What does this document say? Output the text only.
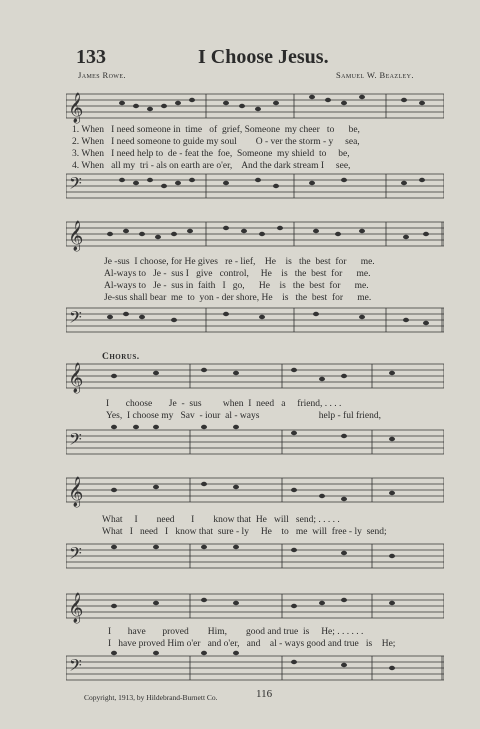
133	I Choose Jesus.
James Rowe.	Samuel W. Beazley.
𝄞
1. When   I need someone in  time   of  grief, Someone  my cheer   to      be,
2. When   I need someone to guide my soul        O - ver the storm - y     sea,
3. When   I need help to  de - feat the  foe,  Someone  my shield  to     be,
4. When   all my  tri - als on earth are o'er,    And the dark stream I     see,
𝄢
𝄞
Je -sus  I choose, for He gives   re - lief,    He    is   the  best  for      me.
Al-ways to   Je -  sus I   give   control,     He    is   the  best  for      me.
Al-ways to   Je -  sus in  faith   I   go,      He    is   the  best  for      me.
Je-sus shall bear  me  to  yon - der shore, He    is   the  best  for      me.
𝄢
Chorus.
𝄞
I       choose       Je  -  sus         when  I  need   a     friend, . . . .
Yes,  I choose my   Sav  - iour  al - ways                         help - ful friend,
𝄢
𝄞
What     I        need       I        know that  He   will   send; . . . . .
What   I   need   I   know that  sure - ly     He    to   me  will  free - ly  send;
𝄢
𝄞
I       have       proved        Him,        good and true  is     He; . . . . . .
I   have proved Him o'er   and o'er,   and    al - ways good and true   is    He;
𝄢
Copyright, 1913, by Hildebrand-Burnett Co.	116
